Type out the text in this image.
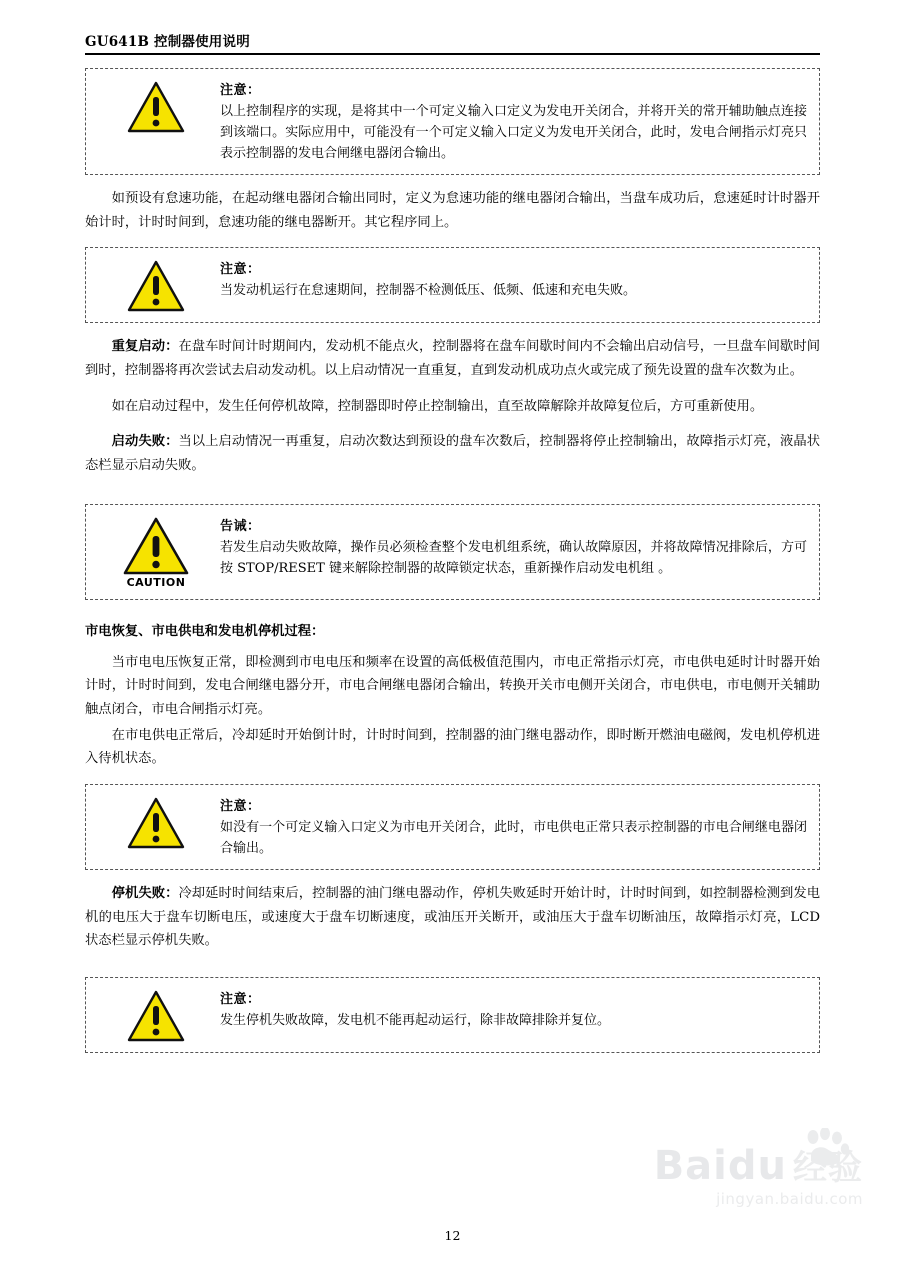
GU641B 控制器使用说明
注意：
以上控制程序的实现，是将其中一个可定义输入口定义为发电开关闭合，并将开关的常开辅助触点连接到该端口。实际应用中，可能没有一个可定义输入口定义为发电开关闭合，此时，发电合闸指示灯亮只表示控制器的发电合闸继电器闭合输出。

如预设有怠速功能，在起动继电器闭合输出同时，定义为怠速功能的继电器闭合输出，当盘车成功后，怠速延时计时器开始计时，计时时间到，怠速功能的继电器断开。其它程序同上。

注意：
当发动机运行在怠速期间，控制器不检测低压、低频、低速和充电失败。

重复启动：在盘车时间计时期间内，发动机不能点火，控制器将在盘车间歇时间内不会输出启动信号，一旦盘车间歇时间到时，控制器将再次尝试去启动发动机。以上启动情况一直重复，直到发动机成功点火或完成了预先设置的盘车次数为止。

如在启动过程中，发生任何停机故障，控制器即时停止控制输出，直至故障解除并故障复位后，方可重新使用。

启动失败：当以上启动情况一再重复，启动次数达到预设的盘车次数后，控制器将停止控制输出，故障指示灯亮，液晶状态栏显示启动失败。

CAUTION
告诫：
若发生启动失败故障，操作员必须检查整个发电机组系统，确认故障原因，并将故障情况排除后，方可按 STOP/RESET 键来解除控制器的故障锁定状态，重新操作启动发电机组 。
市电恢复、市电供电和发电机停机过程：

当市电电压恢复正常，即检测到市电电压和频率在设置的高低极值范围内，市电正常指示灯亮，市电供电延时计时器开始计时，计时时间到，发电合闸继电器分开，市电合闸继电器闭合输出，转换开关市电侧开关闭合，市电供电，市电侧开关辅助触点闭合，市电合闸指示灯亮。

在市电供电正常后，冷却延时开始倒计时，计时时间到，控制器的油门继电器动作，即时断开燃油电磁阀，发电机停机进入待机状态。

注意：
如没有一个可定义输入口定义为市电开关闭合，此时，市电供电正常只表示控制器的市电合闸继电器闭合输出。

停机失败：冷却延时时间结束后，控制器的油门继电器动作，停机失败延时开始计时，计时时间到，如控制器检测到发电机的电压大于盘车切断电压，或速度大于盘车切断速度，或油压开关断开，或油压大于盘车切断油压，故障指示灯亮，LCD 状态栏显示停机失败。

注意：
发生停机失败故障，发电机不能再起动运行，除非故障排除并复位。
Baidu 经验
jingyan.baidu.com
12
